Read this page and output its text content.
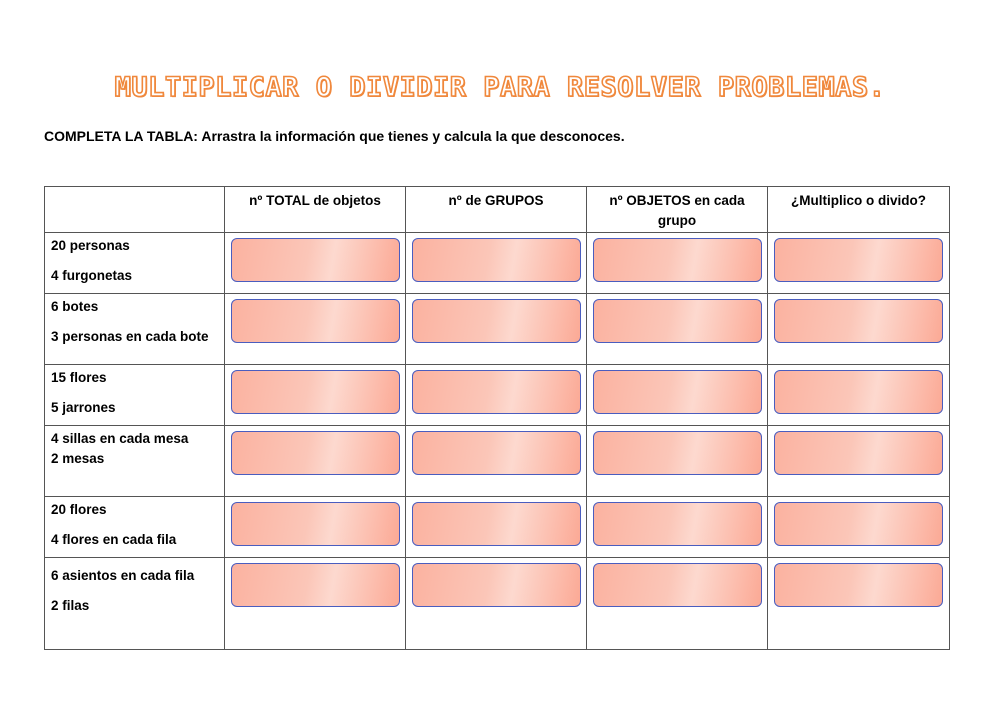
MULTIPLICAR O DIVIDIR PARA RESOLVER PROBLEMAS.
COMPLETA LA TABLA: Arrastra la información que tienes y calcula la que desconoces.
	nº TOTAL de objetos	nº de GRUPOS	nº OBJETOS en cada grupo	¿Multiplico o divido?

20 personas
4 furgonetas				

6 botes
3 personas en cada bote				

15 flores
5 jarrones				

4 sillas en cada mesa
2 mesas				

20 flores
4 flores en cada fila				

6 asientos en cada fila
2 filas				
